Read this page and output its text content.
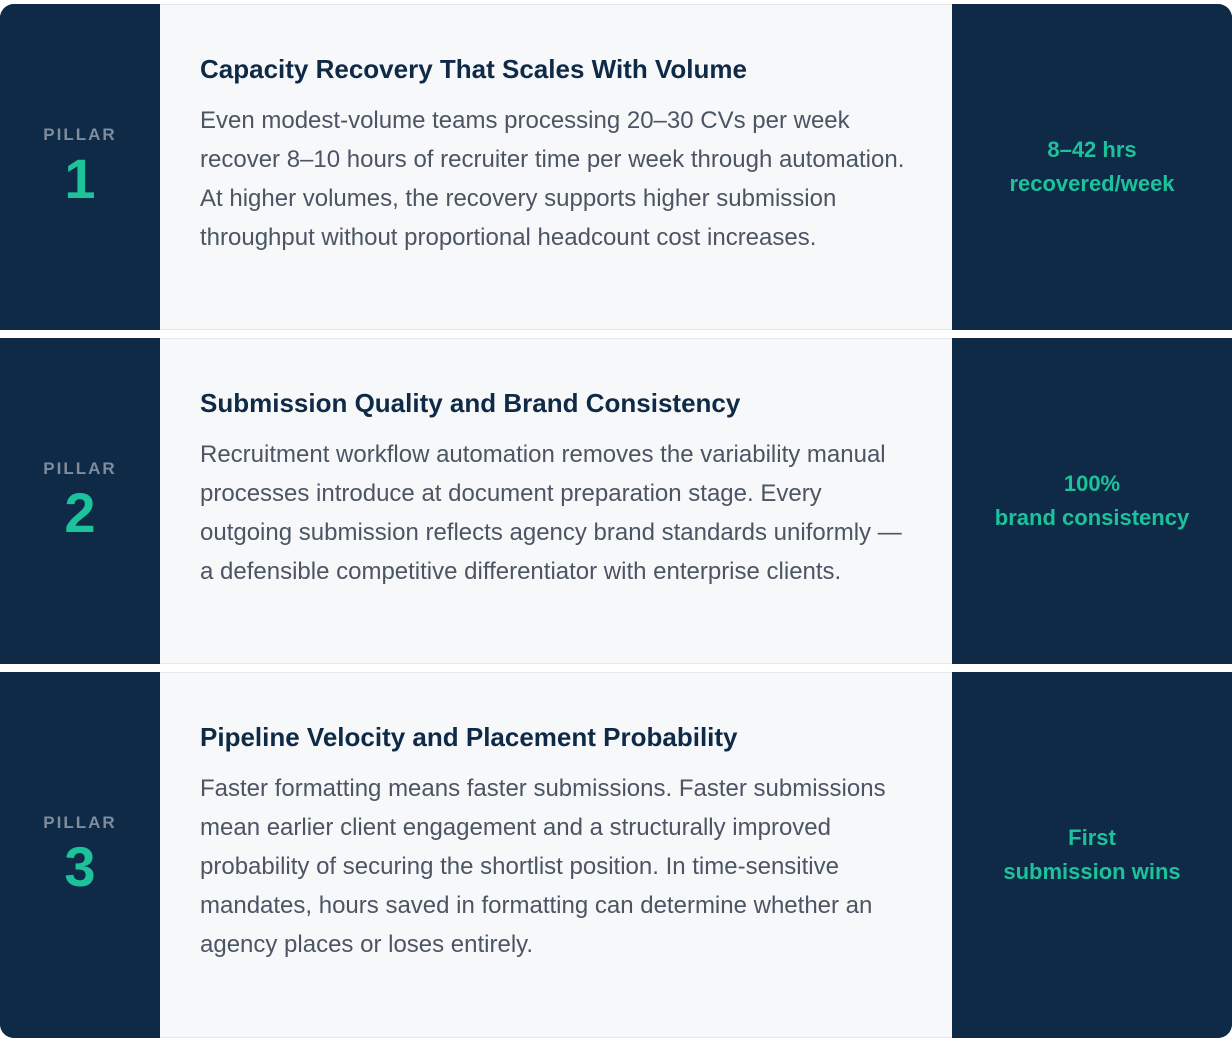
PILLAR
1
Capacity Recovery That Scales With Volume

Even modest-volume teams processing 20–30 CVs per week recover 8–10 hours of recruiter time per week through automation. At higher volumes, the recovery supports higher submission throughput without proportional headcount cost increases.

8–42 hrs
recovered/week
PILLAR
2
Submission Quality and Brand Consistency

Recruitment workflow automation removes the variability manual processes introduce at document preparation stage. Every outgoing submission reflects agency brand standards uniformly — a defensible competitive differentiator with enterprise clients.

100%
brand consistency
PILLAR
3
Pipeline Velocity and Placement Probability

Faster formatting means faster submissions. Faster submissions mean earlier client engagement and a structurally improved probability of securing the shortlist position. In time-sensitive mandates, hours saved in formatting can determine whether an agency places or loses entirely.

First
submission wins
